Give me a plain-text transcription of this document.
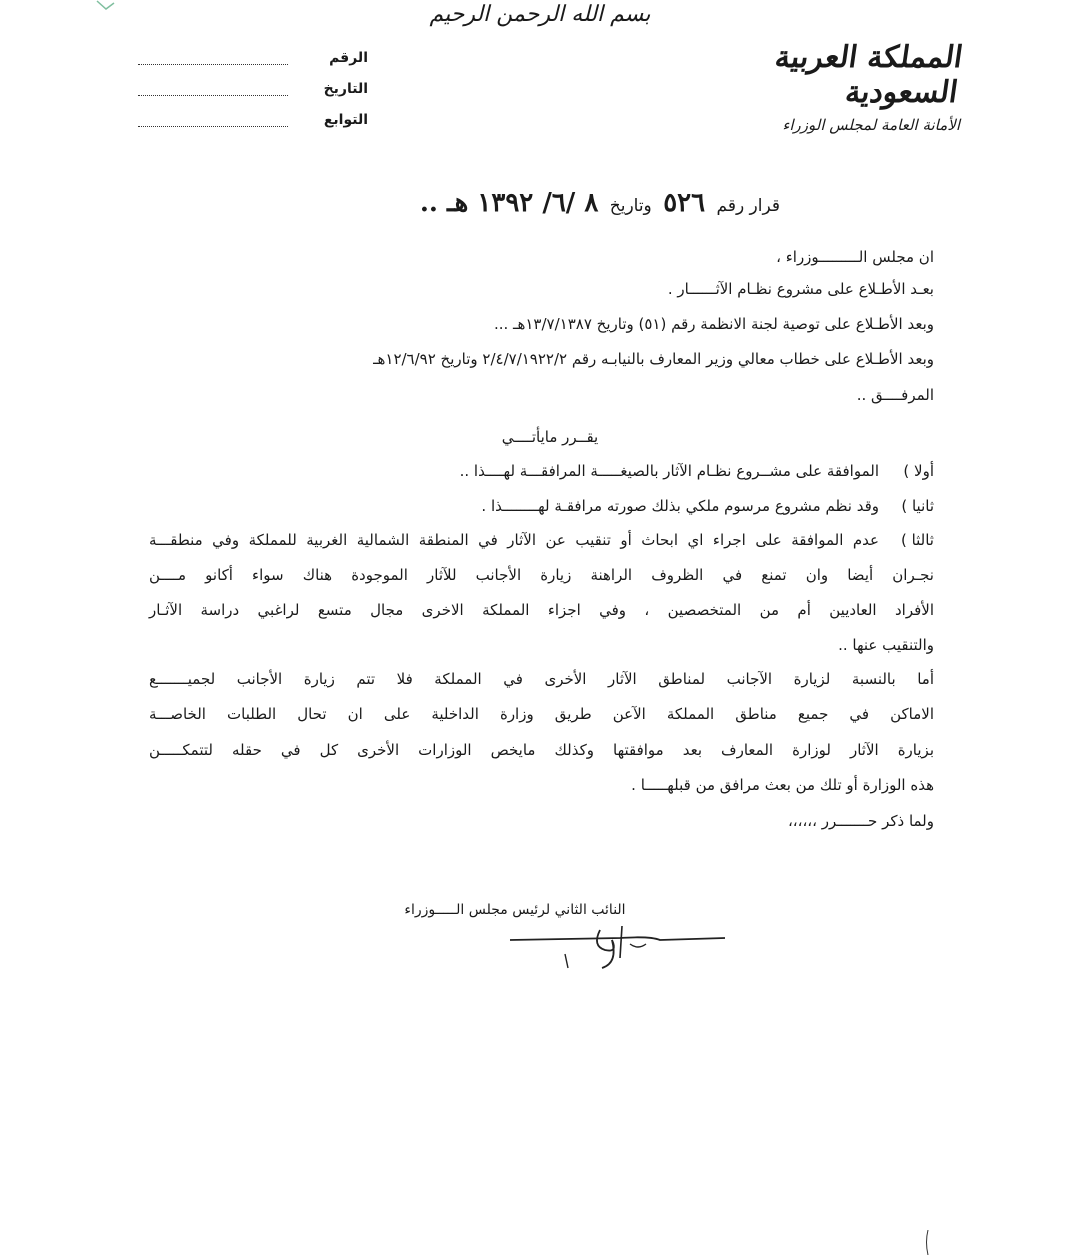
بسم الله الرحمن الرحيم
الرقم
التاريخ
التوابع
المملكة العربية السعودية
الأمانة العامة لمجلس الوزراء
قرار رقم ٥٢٦ وتاريخ ٨ /٦/ ١٣٩٢ هـ ..
ان مجلس الـــــــــوزراء ،
بعـد الأطـلاع على مشروع نظـام الآثــــــار .
وبعد الأطـلاع على توصية لجنة الانظمة رقم (٥١) وتاريخ ١٣/٧/١٣٨٧هـ ...
وبعد الأطـلاع على خطاب معالي وزير المعارف بالنيابـه رقم ٢/٤/٧/١٩٢٢/٢ وتاريخ ١٢/٦/٩٢هـ
المرفــــق ..
يقــرر مايأتــــي
أولا )
الموافقة على مشــروع نظـام الآثار بالصيغـــــة المرافقـــة لهــــذا ..
ثانيا )
وقد نظم مشروع مرسوم ملكي بذلك صورته مرافقـة لهــــــــذا .
ثالثا )
عدم الموافقة على اجراء اي ابحاث أو تنقيب عن الآثار في المنطقة الشمالية الغربية للمملكة وفي منطقـــة
نجـران أيضا وان تمنع في الظروف الراهنة زيارة الأجانب للآثار الموجودة هناك سواء أكانو مــــن
الأفراد العاديين أم من المتخصصين ، وفي اجزاء المملكة الاخرى مجال متسع لراغبي دراسة الآثـار
والتنقيب عنها ..
أما بالنسبة لزيارة الآجانب لمناطق الآثار الأخرى في المملكة فلا تتم زيارة الأجانب لجميـــــــع
الاماكن في جميع مناطق المملكة الآعن طريق وزارة الداخلية على ان تحال الطلبات الخاصـــة
بزيارة الآثار لوزارة المعارف بعد موافقتها وكذلك مايخص الوزارات الأخرى كل في حقله لتتمكـــــن
هذه الوزارة أو تلك من بعث مرافق من قبلهـــــا .
ولما ذكر حـــــــرر ،،،،،،
النائب الثاني لرئيس مجلس الـــــوزراء
